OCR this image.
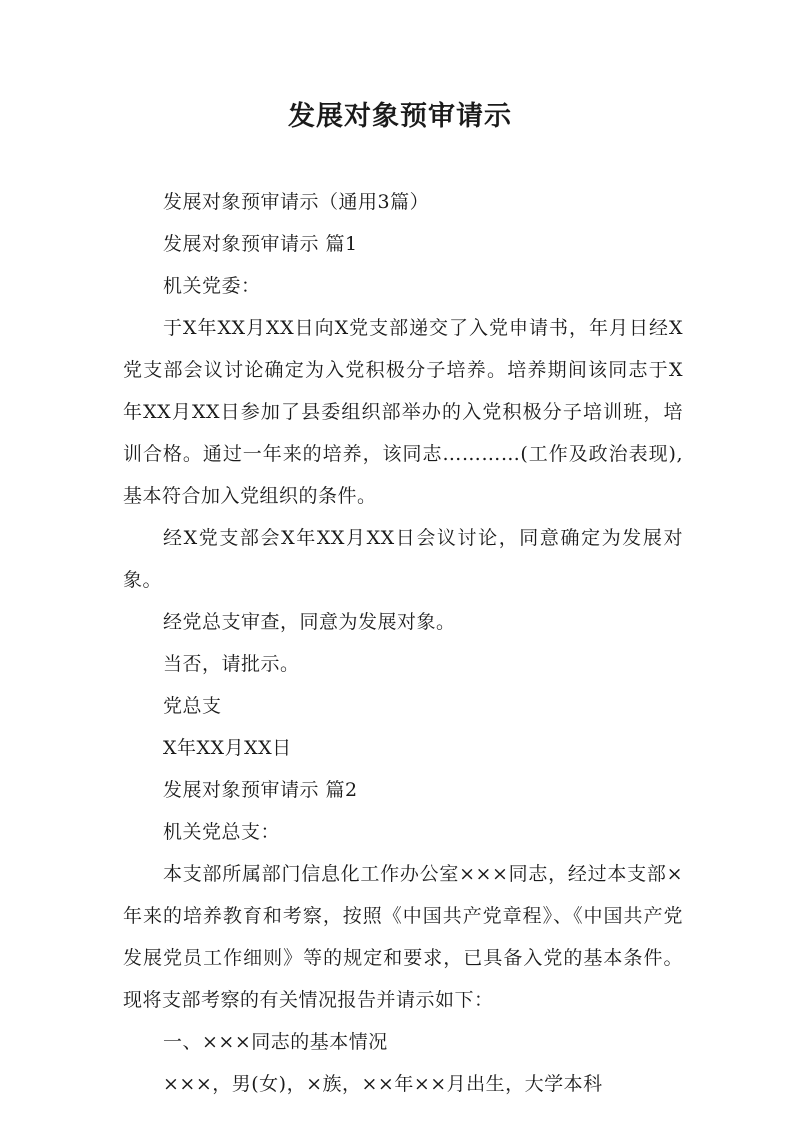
发展对象预审请示

发展对象预审请示（通用3篇）

发展对象预审请示 篇1

机关党委：

于X年XX月XX日向X党支部递交了入党申请书，年月日经X党支部会议讨论确定为入党积极分子培养。培养期间该同志于X年XX月XX日参加了县委组织部举办的入党积极分子培训班，培训合格。通过一年来的培养，该同志…………(工作及政治表现),基本符合加入党组织的条件。

经X党支部会X年XX月XX日会议讨论，同意确定为发展对象。

经党总支审查，同意为发展对象。

当否，请批示。

党总支

X年XX月XX日

发展对象预审请示 篇2

机关党总支：

本支部所属部门信息化工作办公室×××同志，经过本支部×年来的培养教育和考察，按照《中国共产党章程》、《中国共产党发展党员工作细则》等的规定和要求，已具备入党的基本条件。现将支部考察的有关情况报告并请示如下：

一、×××同志的基本情况

×××，男(女)，×族，××年××月出生，大学本科
